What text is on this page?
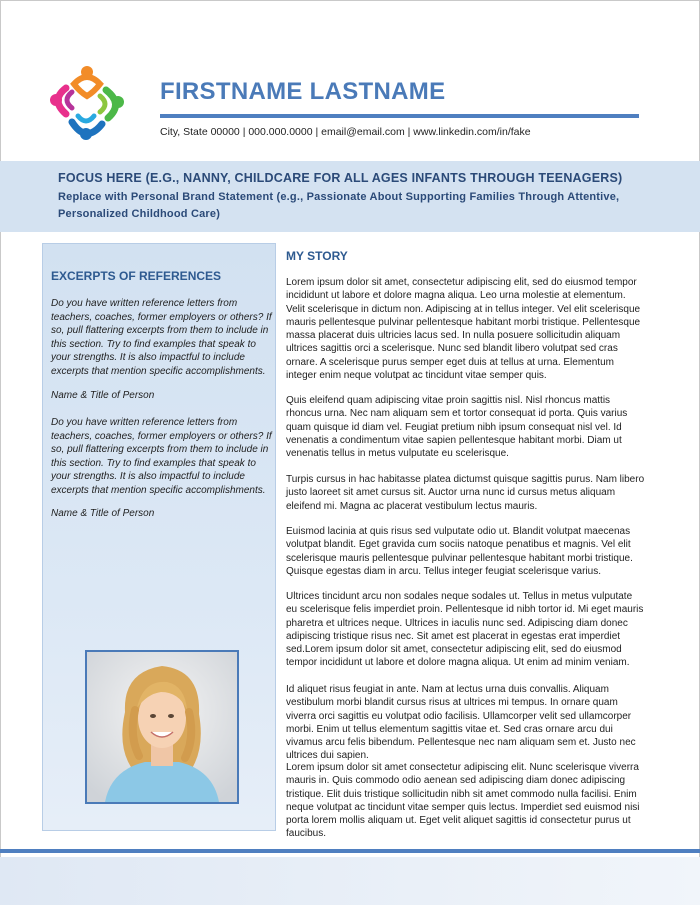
FIRSTNAME LASTNAME
City, State 00000 | 000.000.0000 | email@email.com | www.linkedin.com/in/fake
FOCUS HERE (E.G., NANNY, CHILDCARE FOR ALL AGES INFANTS THROUGH TEENAGERS)
Replace with Personal Brand Statement (e.g., Passionate About Supporting Families Through Attentive, Personalized Childhood Care)
EXCERPTS OF REFERENCES
Do you have written reference letters from teachers, coaches, former employers or others? If so, pull flattering excerpts from them to include in this section. Try to find examples that speak to your strengths. It is also impactful to include excerpts that mention specific accomplishments.
Name & Title of Person
Do you have written reference letters from teachers, coaches, former employers or others? If so, pull flattering excerpts from them to include in this section. Try to find examples that speak to your strengths. It is also impactful to include excerpts that mention specific accomplishments.
Name & Title of Person
MY STORY
Lorem ipsum dolor sit amet, consectetur adipiscing elit, sed do eiusmod tempor incididunt ut labore et dolore magna aliqua. Leo urna molestie at elementum. Velit scelerisque in dictum non. Adipiscing at in tellus integer. Vel elit scelerisque mauris pellentesque pulvinar pellentesque habitant morbi tristique. Pellentesque massa placerat duis ultricies lacus sed. In nulla posuere sollicitudin aliquam ultrices sagittis orci a scelerisque. Nunc sed blandit libero volutpat sed cras ornare. A scelerisque purus semper eget duis at tellus at urna. Elementum integer enim neque volutpat ac tincidunt vitae semper quis.
Quis eleifend quam adipiscing vitae proin sagittis nisl. Nisl rhoncus mattis rhoncus urna. Nec nam aliquam sem et tortor consequat id porta. Quis varius quam quisque id diam vel. Feugiat pretium nibh ipsum consequat nisl vel. Id venenatis a condimentum vitae sapien pellentesque habitant morbi. Diam ut venenatis tellus in metus vulputate eu scelerisque.
Turpis cursus in hac habitasse platea dictumst quisque sagittis purus. Nam libero justo laoreet sit amet cursus sit. Auctor urna nunc id cursus metus aliquam eleifend mi. Magna ac placerat vestibulum lectus mauris.
Euismod lacinia at quis risus sed vulputate odio ut. Blandit volutpat maecenas volutpat blandit. Eget gravida cum sociis natoque penatibus et magnis. Vel elit scelerisque mauris pellentesque pulvinar pellentesque habitant morbi tristique. Quisque egestas diam in arcu. Tellus integer feugiat scelerisque varius.
Ultrices tincidunt arcu non sodales neque sodales ut. Tellus in metus vulputate eu scelerisque felis imperdiet proin. Pellentesque id nibh tortor id. Mi eget mauris pharetra et ultrices neque. Ultrices in iaculis nunc sed. Adipiscing diam donec adipiscing tristique risus nec. Sit amet est placerat in egestas erat imperdiet sed.Lorem ipsum dolor sit amet, consectetur adipiscing elit, sed do eiusmod tempor incididunt ut labore et dolore magna aliqua. Ut enim ad minim veniam.
Id aliquet risus feugiat in ante. Nam at lectus urna duis convallis. Aliquam vestibulum morbi blandit cursus risus at ultrices mi tempus. In ornare quam viverra orci sagittis eu volutpat odio facilisis. Ullamcorper velit sed ullamcorper morbi. Enim ut tellus elementum sagittis vitae et. Sed cras ornare arcu dui vivamus arcu felis bibendum. Pellentesque nec nam aliquam sem et. Justo nec ultrices dui sapien.
Lorem ipsum dolor sit amet consectetur adipiscing elit. Nunc scelerisque viverra mauris in. Quis commodo odio aenean sed adipiscing diam donec adipiscing tristique. Elit duis tristique sollicitudin nibh sit amet commodo nulla facilisi. Enim neque volutpat ac tincidunt vitae semper quis lectus. Imperdiet sed euismod nisi porta lorem mollis aliquam ut. Eget velit aliquet sagittis id consectetur purus ut faucibus.
